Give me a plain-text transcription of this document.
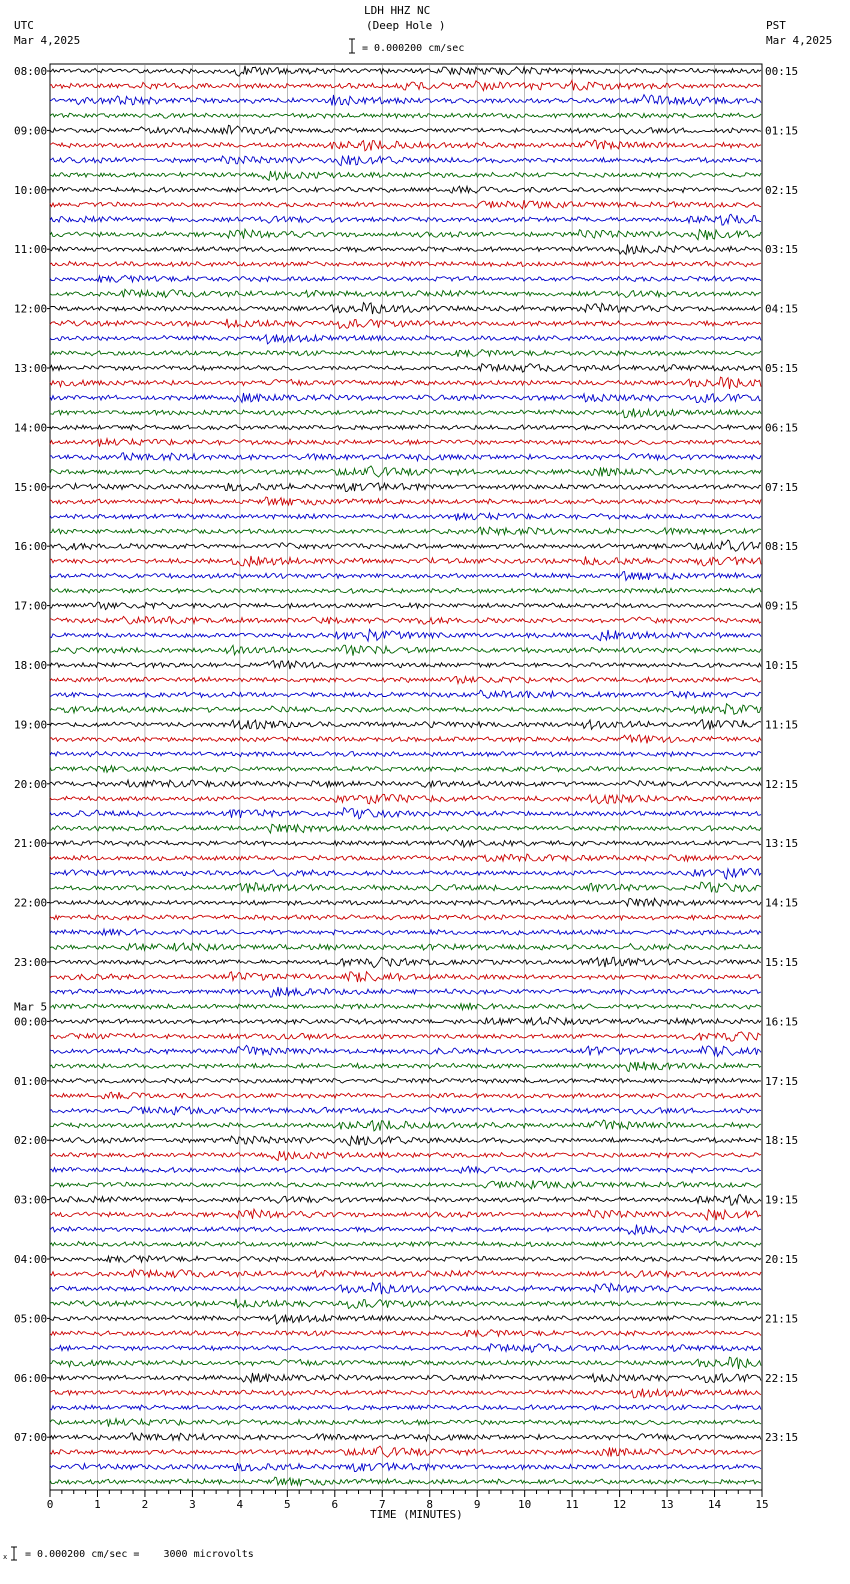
LDH HHZ NC
(Deep Hole )
UTC
Mar 4,2025
PST
Mar 4,2025
= 0.000200 cm/sec
= 0.000200 cm/sec =    3000 microvolts
TIME (MINUTES)
x
08:00	00:15
09:00	01:15
10:00	02:15
11:00	03:15
12:00	04:15
13:00	05:15
14:00	06:15
15:00	07:15
16:00	08:15
17:00	09:15
18:00	10:15
19:00	11:15
20:00	12:15
21:00	13:15
22:00	14:15
23:00	15:15
00:00	16:15
01:00	17:15
02:00	18:15
03:00	19:15
04:00	20:15
05:00	21:15
06:00	22:15
07:00	23:15
Mar 5
0	1	2	3	4	5	6	7	8	9	10	11	12	13	14	15
